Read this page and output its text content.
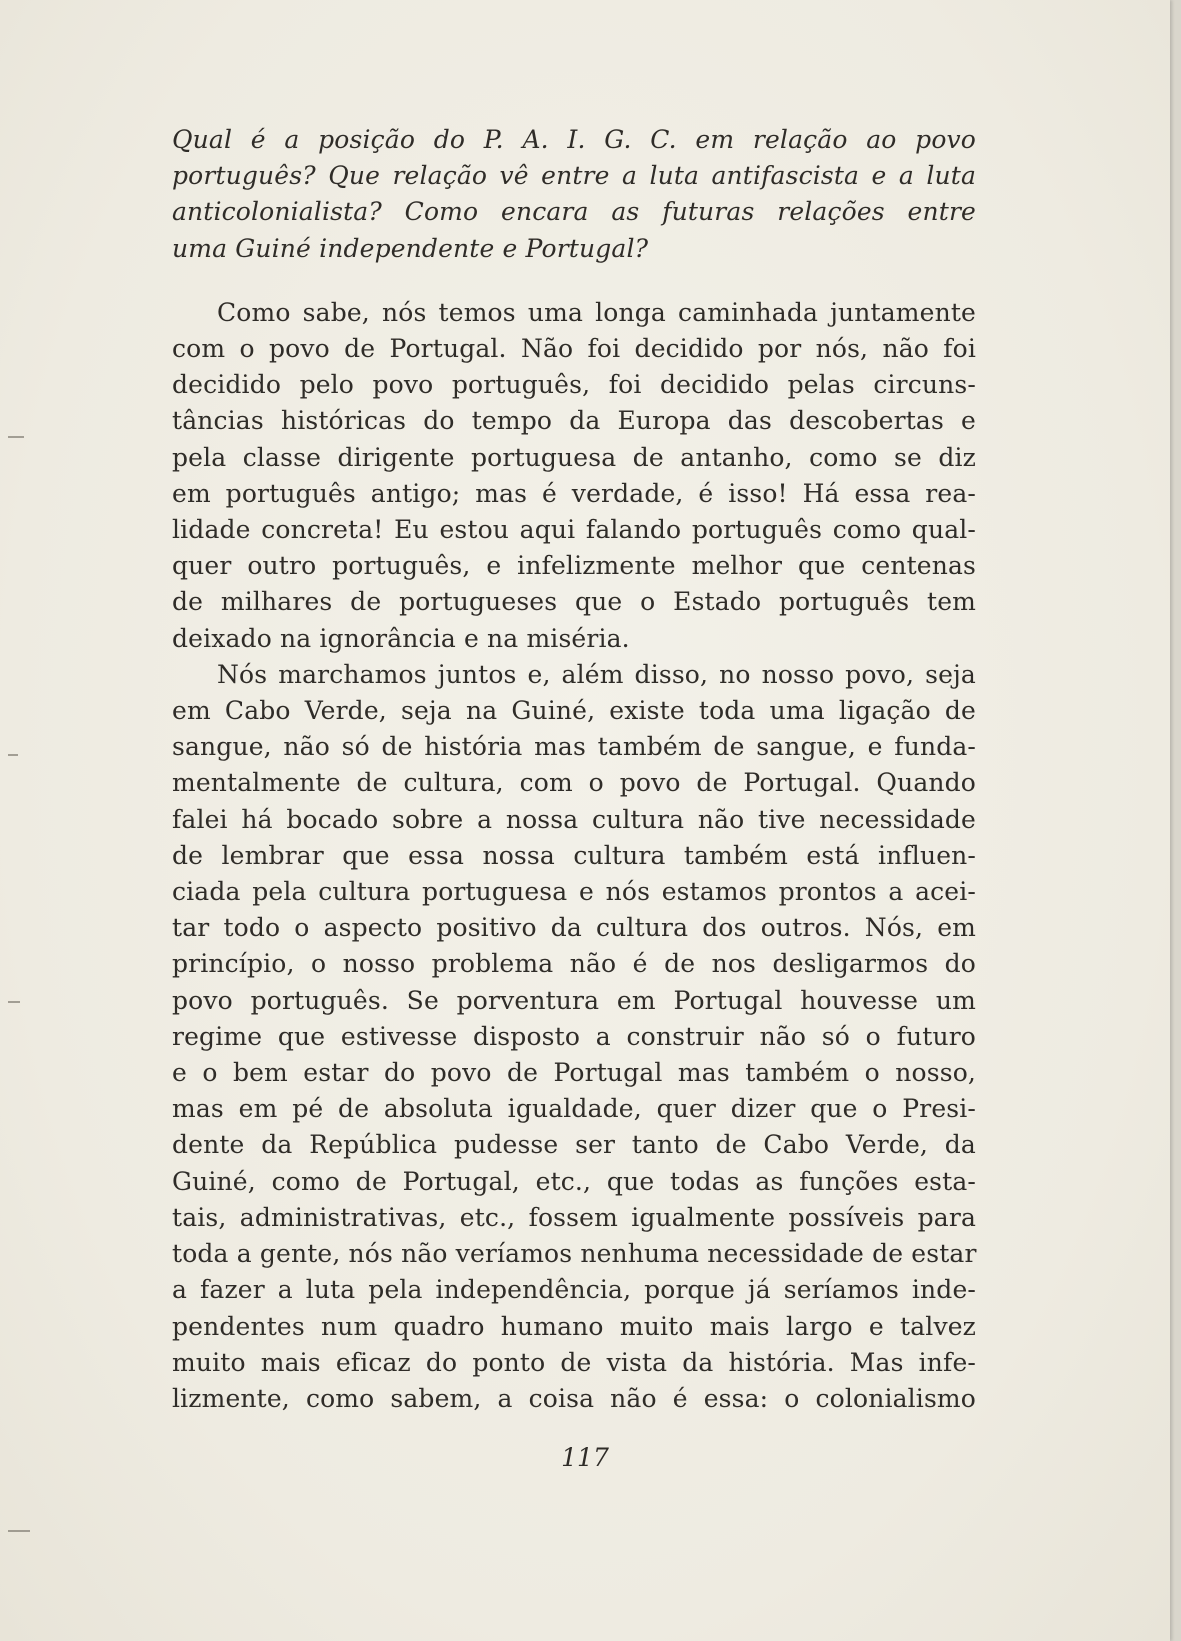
Qual é a posição do P. A. I. G. C. em relação ao povo
português? Que relação vê entre a luta antifascista e a luta
anticolonialista? Como encara as futuras relações entre
uma Guiné independente e Portugal?

Como sabe, nós temos uma longa caminhada juntamente
com o povo de Portugal. Não foi decidido por nós, não foi
decidido pelo povo português, foi decidido pelas circuns-
tâncias históricas do tempo da Europa das descobertas e
pela classe dirigente portuguesa de antanho, como se diz
em português antigo; mas é verdade, é isso! Há essa rea-
lidade concreta! Eu estou aqui falando português como qual-
quer outro português, e infelizmente melhor que centenas
de milhares de portugueses que o Estado português tem
deixado na ignorância e na miséria.
Nós marchamos juntos e, além disso, no nosso povo, seja
em Cabo Verde, seja na Guiné, existe toda uma ligação de
sangue, não só de história mas também de sangue, e funda-
mentalmente de cultura, com o povo de Portugal. Quando
falei há bocado sobre a nossa cultura não tive necessidade
de lembrar que essa nossa cultura também está influen-
ciada pela cultura portuguesa e nós estamos prontos a acei-
tar todo o aspecto positivo da cultura dos outros. Nós, em
princípio, o nosso problema não é de nos desligarmos do
povo português. Se porventura em Portugal houvesse um
regime que estivesse disposto a construir não só o futuro
e o bem estar do povo de Portugal mas também o nosso,
mas em pé de absoluta igualdade, quer dizer que o Presi-
dente da República pudesse ser tanto de Cabo Verde, da
Guiné, como de Portugal, etc., que todas as funções esta-
tais, administrativas, etc., fossem igualmente possíveis para
toda a gente, nós não veríamos nenhuma necessidade de estar
a fazer a luta pela independência, porque já seríamos inde-
pendentes num quadro humano muito mais largo e talvez
muito mais eficaz do ponto de vista da história. Mas infe-
lizmente, como sabem, a coisa não é essa: o colonialismo
117
